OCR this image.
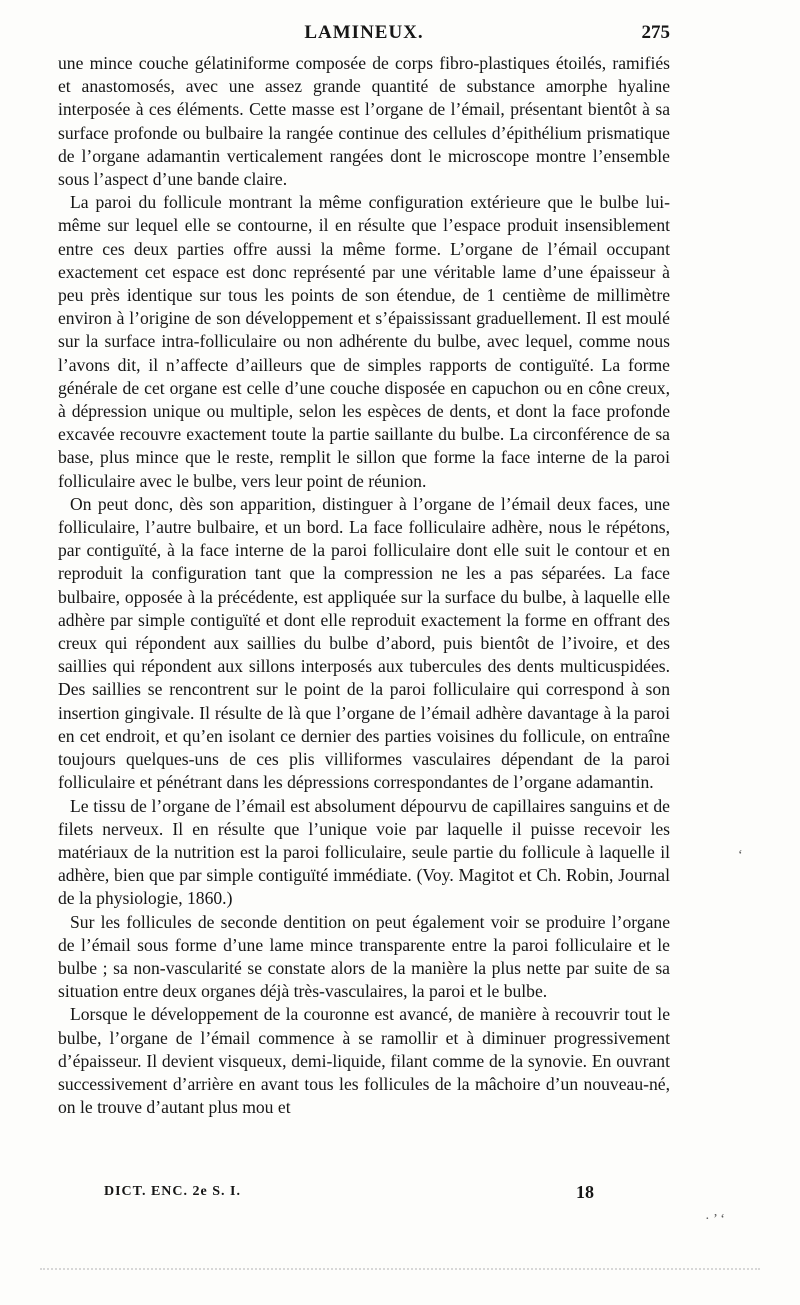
LAMINEUX.	275

une mince couche gélatiniforme composée de corps fibro-plastiques étoilés, ramifiés et anastomosés, avec une assez grande quantité de substance amorphe hyaline interposée à ces éléments. Cette masse est l’organe de l’émail, présentant bientôt à sa surface profonde ou bulbaire la rangée continue des cellules d’épithélium prismatique de l’organe adamantin verticalement rangées dont le microscope montre l’ensemble sous l’aspect d’une bande claire.

La paroi du follicule montrant la même configuration extérieure que le bulbe lui-même sur lequel elle se contourne, il en résulte que l’espace produit insensiblement entre ces deux parties offre aussi la même forme. L’organe de l’émail occupant exactement cet espace est donc représenté par une véritable lame d’une épaisseur à peu près identique sur tous les points de son étendue, de 1 centième de millimètre environ à l’origine de son développement et s’épaississant graduellement. Il est moulé sur la surface intra-folliculaire ou non adhérente du bulbe, avec lequel, comme nous l’avons dit, il n’affecte d’ailleurs que de simples rapports de contiguïté. La forme générale de cet organe est celle d’une couche disposée en capuchon ou en cône creux, à dépression unique ou multiple, selon les espèces de dents, et dont la face profonde excavée recouvre exactement toute la partie saillante du bulbe. La circonférence de sa base, plus mince que le reste, remplit le sillon que forme la face interne de la paroi folliculaire avec le bulbe, vers leur point de réunion.

On peut donc, dès son apparition, distinguer à l’organe de l’émail deux faces, une folliculaire, l’autre bulbaire, et un bord. La face folliculaire adhère, nous le répétons, par contiguïté, à la face interne de la paroi folliculaire dont elle suit le contour et en reproduit la configuration tant que la compression ne les a pas séparées. La face bulbaire, opposée à la précédente, est appliquée sur la surface du bulbe, à laquelle elle adhère par simple contiguïté et dont elle reproduit exactement la forme en offrant des creux qui répondent aux saillies du bulbe d’abord, puis bientôt de l’ivoire, et des saillies qui répondent aux sillons interposés aux tubercules des dents multicuspidées. Des saillies se rencontrent sur le point de la paroi folliculaire qui correspond à son insertion gingivale. Il résulte de là que l’organe de l’émail adhère davantage à la paroi en cet endroit, et qu’en isolant ce dernier des parties voisines du follicule, on entraîne toujours quelques-uns de ces plis villiformes vasculaires dépendant de la paroi folliculaire et pénétrant dans les dépressions correspondantes de l’organe adamantin.

Le tissu de l’organe de l’émail est absolument dépourvu de capillaires sanguins et de filets nerveux. Il en résulte que l’unique voie par laquelle il puisse recevoir les matériaux de la nutrition est la paroi folliculaire, seule partie du follicule à laquelle il adhère, bien que par simple contiguïté immédiate. (Voy. Magitot et Ch. Robin, Journal de la physiologie, 1860.)

Sur les follicules de seconde dentition on peut également voir se produire l’organe de l’émail sous forme d’une lame mince transparente entre la paroi folliculaire et le bulbe ; sa non-vascularité se constate alors de la manière la plus nette par suite de sa situation entre deux organes déjà très-vasculaires, la paroi et le bulbe.

Lorsque le développement de la couronne est avancé, de manière à recouvrir tout le bulbe, l’organe de l’émail commence à se ramollir et à diminuer progressivement d’épaisseur. Il devient visqueux, demi-liquide, filant comme de la synovie. En ouvrant successivement d’arrière en avant tous les follicules de la mâchoire d’un nouveau-né, on le trouve d’autant plus mou et

DICT. ENC. 2e S. I.	18
‘
· ’ ‘
